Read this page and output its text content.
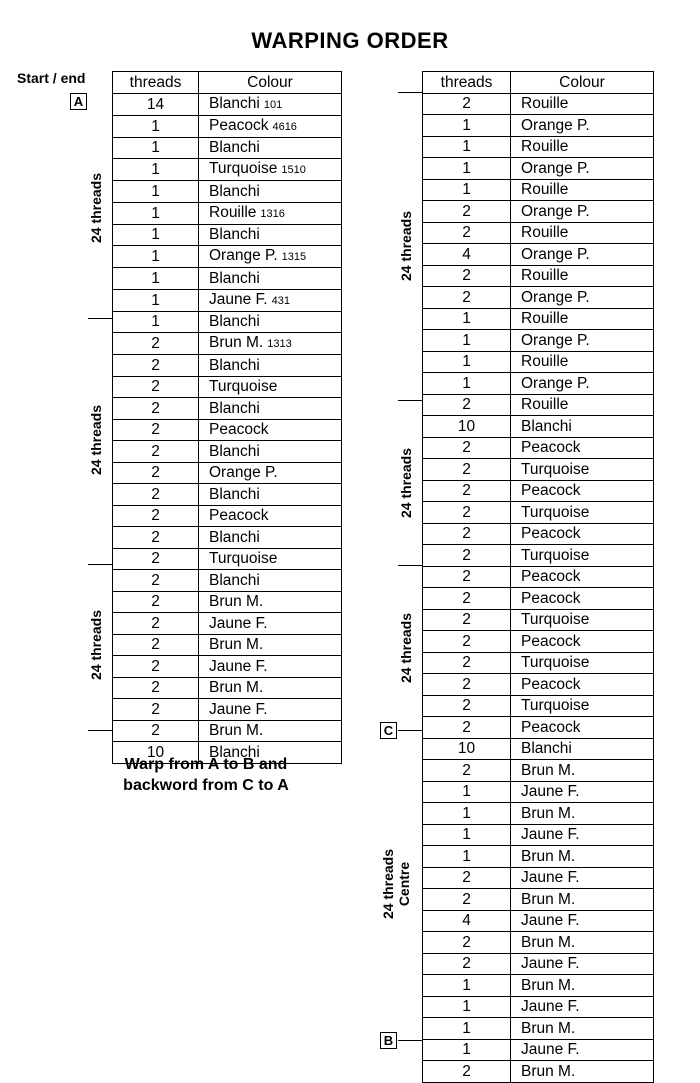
WARPING ORDER
Start / end	threads	Colour
14	Blanchi 101
1	Peacock 4616
1	Blanchi
1	Turquoise 1510
1	Blanchi
1	Rouille 1316
1	Blanchi
1	Orange P. 1315
1	Blanchi
1	Jaune F. 431
1	Blanchi
2	Brun M. 1313
2	Blanchi
2	Turquoise
2	Blanchi
2	Peacock
2	Blanchi
2	Orange P.
2	Blanchi
2	Peacock
2	Blanchi
2	Turquoise
2	Blanchi
2	Brun M.
2	Jaune F.
2	Brun M.
2	Jaune F.
2	Brun M.
2	Jaune F.
2	Brun M.
10	Blanchi
threads	Colour
2	Rouille
1	Orange P.
1	Rouille
1	Orange P.
1	Rouille
2	Orange P.
2	Rouille
4	Orange P.
2	Rouille
2	Orange P.
1	Rouille
1	Orange P.
1	Rouille
1	Orange P.
2	Rouille
10	Blanchi
2	Peacock
2	Turquoise
2	Peacock
2	Turquoise
2	Peacock
2	Turquoise
2	Peacock
2	Peacock
2	Turquoise
2	Peacock
2	Turquoise
2	Peacock
2	Turquoise
2	Peacock
10	Blanchi
2	Brun M.
1	Jaune F.
1	Brun M.
1	Jaune F.
1	Brun M.
2	Jaune F.
2	Brun M.
4	Jaune F.
2	Brun M.
2	Jaune F.
1	Brun M.
1	Jaune F.
1	Brun M.
1	Jaune F.
2	Brun M.
24 threads
24 threads
24 threads
A
24 threads
24 threads
24 threads
24 threads
Centre
C
B
Warp from A to B and
backword from C to A
